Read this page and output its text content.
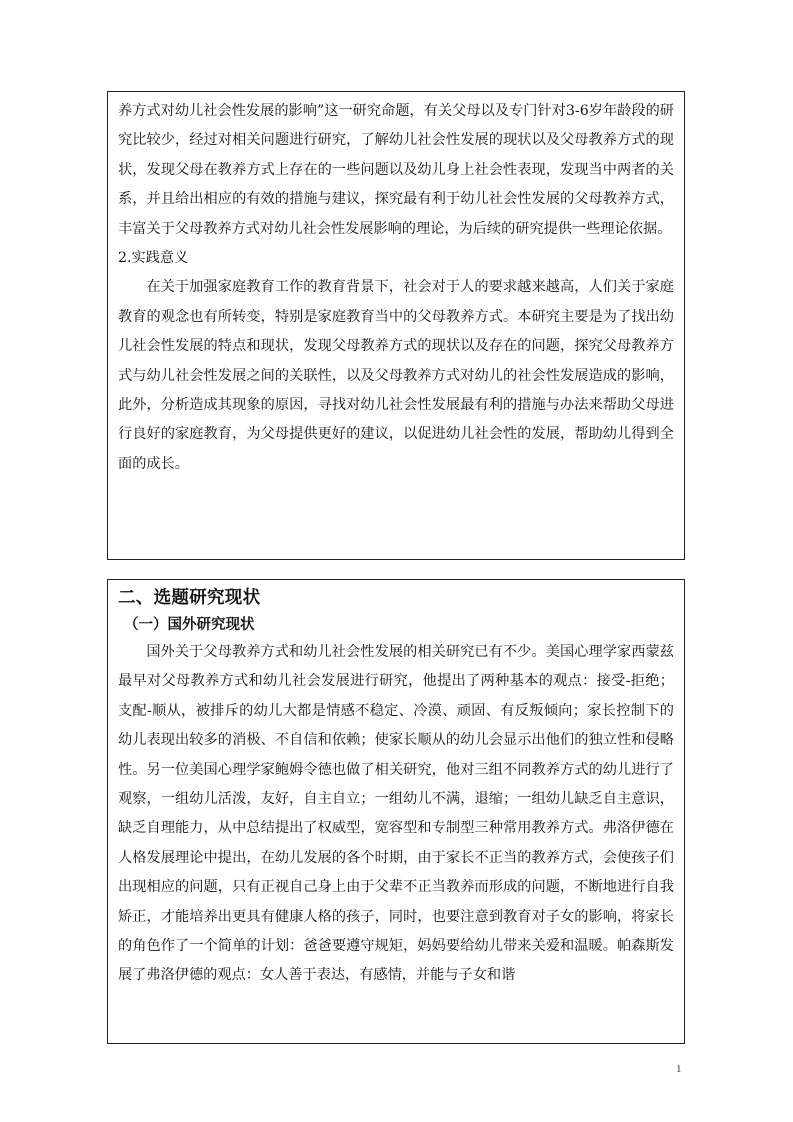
养方式对幼儿社会性发展的影响”这一研究命题，有关父母以及专门针对3-6岁年龄段的研究比较少，经过对相关问题进行研究，了解幼儿社会性发展的现状以及父母教养方式的现状，发现父母在教养方式上存在的一些问题以及幼儿身上社会性表现，发现当中两者的关系，并且给出相应的有效的措施与建议，探究最有利于幼儿社会性发展的父母教养方式，丰富关于父母教养方式对幼儿社会性发展影响的理论，为后续的研究提供一些理论依据。

2.实践意义

在关于加强家庭教育工作的教育背景下，社会对于人的要求越来越高，人们关于家庭教育的观念也有所转变，特别是家庭教育当中的父母教养方式。本研究主要是为了找出幼儿社会性发展的特点和现状，发现父母教养方式的现状以及存在的问题，探究父母教养方式与幼儿社会性发展之间的关联性，以及父母教养方式对幼儿的社会性发展造成的影响，此外，分析造成其现象的原因，寻找对幼儿社会性发展最有利的措施与办法来帮助父母进行良好的家庭教育，为父母提供更好的建议，以促进幼儿社会性的发展，帮助幼儿得到全面的成长。

二、选题研究现状

（一）国外研究现状

国外关于父母教养方式和幼儿社会性发展的相关研究已有不少。美国心理学家西蒙兹最早对父母教养方式和幼儿社会发展进行研究，他提出了两种基本的观点：接受-拒绝；支配-顺从，被排斥的幼儿大都是情感不稳定、冷漠、顽固、有反叛倾向；家长控制下的幼儿表现出较多的消极、不自信和依赖；使家长顺从的幼儿会显示出他们的独立性和侵略性。另一位美国心理学家鲍姆令德也做了相关研究，他对三组不同教养方式的幼儿进行了观察，一组幼儿活泼，友好，自主自立；一组幼儿不满，退缩；一组幼儿缺乏自主意识，缺乏自理能力，从中总结提出了权威型，宽容型和专制型三种常用教养方式。弗洛伊德在人格发展理论中提出，在幼儿发展的各个时期，由于家长不正当的教养方式，会使孩子们出现相应的问题，只有正视自己身上由于父辈不正当教养而形成的问题，不断地进行自我矫正，才能培养出更具有健康人格的孩子，同时，也要注意到教育对子女的影响，将家长的角色作了一个简单的计划：爸爸要遵守规矩，妈妈要给幼儿带来关爱和温暖。帕森斯发展了弗洛伊德的观点：女人善于表达，有感情，并能与子女和谐

1
